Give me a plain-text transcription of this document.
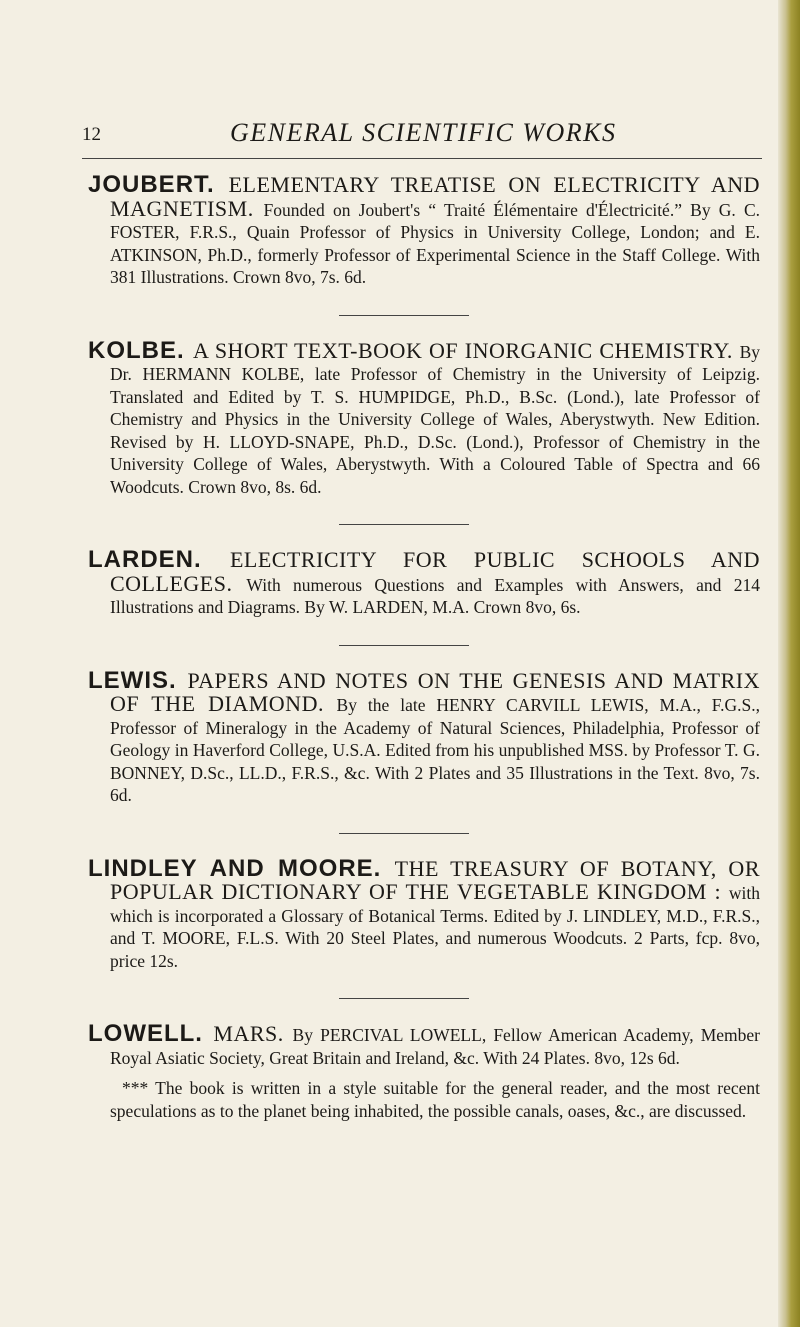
12	GENERAL SCIENTIFIC WORKS
JOUBERT. ELEMENTARY TREATISE ON ELECTRICITY AND MAGNETISM. Founded on Joubert's “ Traité Élémentaire d'Électricité.” By G. C. FOSTER, F.R.S., Quain Professor of Physics in University College, London; and E. ATKINSON, Ph.D., formerly Professor of Experimental Science in the Staff College. With 381 Illustrations. Crown 8vo, 7s. 6d.
KOLBE. A SHORT TEXT-BOOK OF INORGANIC CHEMISTRY. By Dr. HERMANN KOLBE, late Professor of Chemistry in the University of Leipzig. Translated and Edited by T. S. HUMPIDGE, Ph.D., B.Sc. (Lond.), late Professor of Chemistry and Physics in the University College of Wales, Aberystwyth. New Edition. Revised by H. LLOYD-SNAPE, Ph.D., D.Sc. (Lond.), Professor of Chemistry in the University College of Wales, Aberystwyth. With a Coloured Table of Spectra and 66 Woodcuts. Crown 8vo, 8s. 6d.
LARDEN. ELECTRICITY FOR PUBLIC SCHOOLS AND COLLEGES. With numerous Questions and Examples with Answers, and 214 Illustrations and Diagrams. By W. LARDEN, M.A. Crown 8vo, 6s.
LEWIS. PAPERS AND NOTES ON THE GENESIS AND MATRIX OF THE DIAMOND. By the late HENRY CARVILL LEWIS, M.A., F.G.S., Professor of Mineralogy in the Academy of Natural Sciences, Philadelphia, Professor of Geology in Haverford College, U.S.A. Edited from his unpublished MSS. by Professor T. G. BONNEY, D.Sc., LL.D., F.R.S., &c. With 2 Plates and 35 Illustrations in the Text. 8vo, 7s. 6d.
LINDLEY AND MOORE. THE TREASURY OF BOTANY, OR POPULAR DICTIONARY OF THE VEGETABLE KINGDOM : with which is incorporated a Glossary of Botanical Terms. Edited by J. LINDLEY, M.D., F.R.S., and T. MOORE, F.L.S. With 20 Steel Plates, and numerous Woodcuts. 2 Parts, fcp. 8vo, price 12s.
LOWELL. MARS. By PERCIVAL LOWELL, Fellow American Academy, Member Royal Asiatic Society, Great Britain and Ireland, &c. With 24 Plates. 8vo, 12s 6d.
*** The book is written in a style suitable for the general reader, and the most recent speculations as to the planet being inhabited, the possible canals, oases, &c., are discussed.
